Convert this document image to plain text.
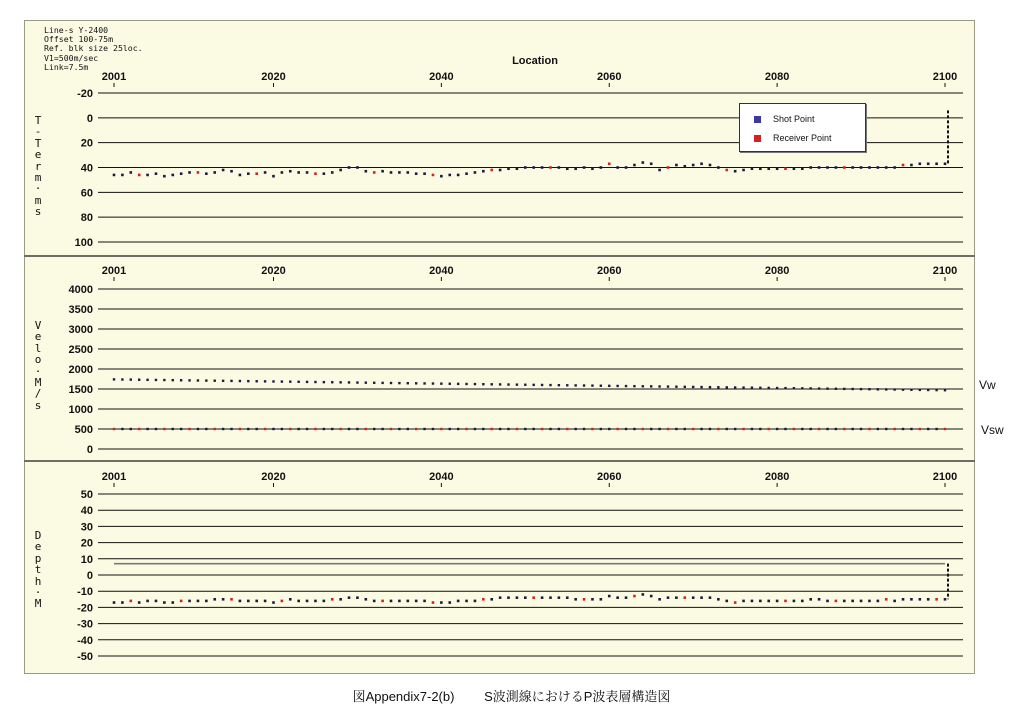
Line-s Y-2400
Offset 100-75m
Ref. blk size 25loc.
V1=500m/sec
Link=7.5m	Location
-20
0
20
40
60
80
100
2001	2020	2040	2060	2080	2100
0
500
1000
1500
2000
2500
3000
3500
4000
2001	2020	2040	2060	2080	2100
50
40
30
20
10
0
-10
-20
-30
-40
-50
2001	2020	2040	2060	2080	2100
Shot Point
Receiver Point
T
-
T
e
r
m
·
m
s
V
e
l
o
·
M
/
s
D
e
p
t
h
·
M
Vw
Vsw
図Appendix7-2(b) S波測線におけるP波表層構造図
